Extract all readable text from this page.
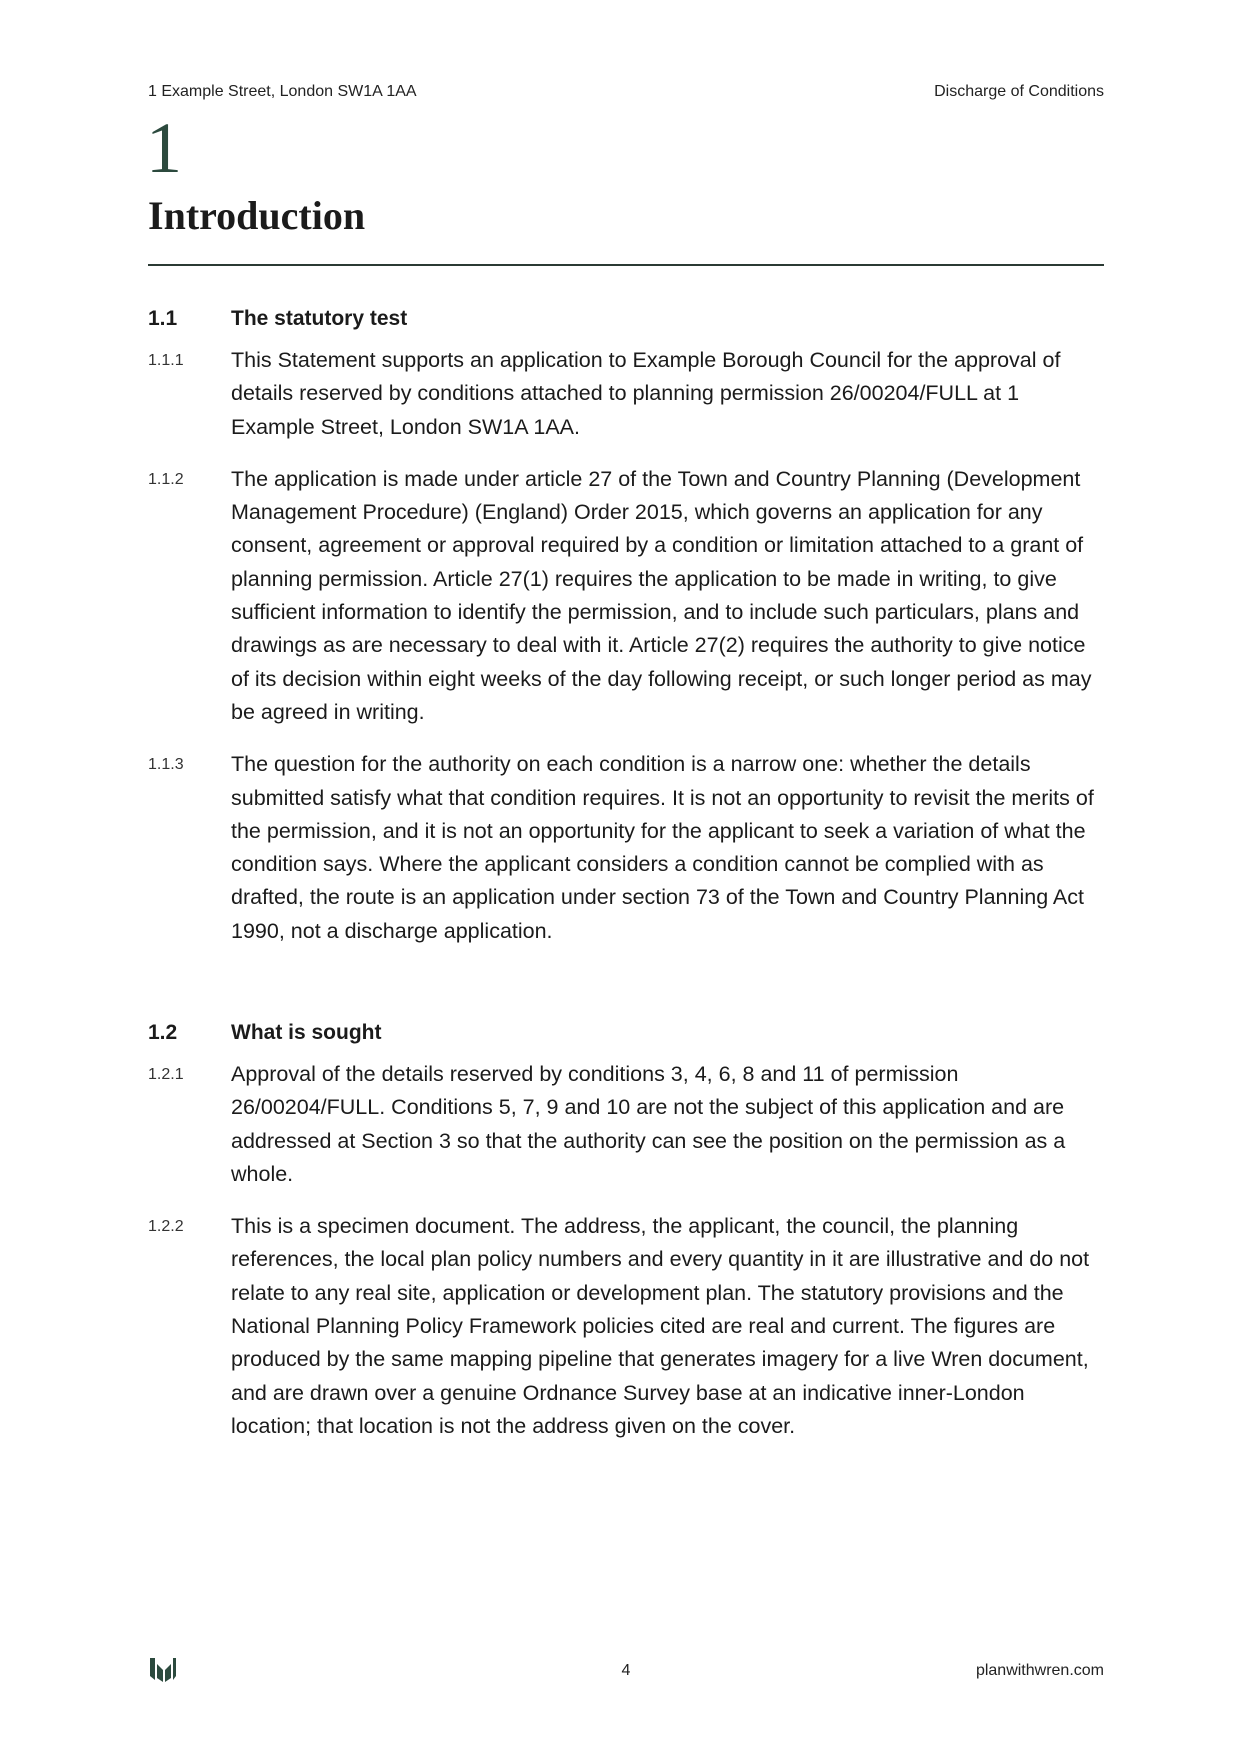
1 Example Street, London SW1A 1AA	Discharge of Conditions
1
Introduction
1.1	The statutory test
1.1.1	This Statement supports an application to Example Borough Council for the approval of details reserved by conditions attached to planning permission 26/00204/FULL at 1 Example Street, London SW1A 1AA.
1.1.2	The application is made under article 27 of the Town and Country Planning (Development Management Procedure) (England) Order 2015, which governs an application for any consent, agreement or approval required by a condition or limitation attached to a grant of planning permission. Article 27(1) requires the application to be made in writing, to give sufficient information to identify the permission, and to include such particulars, plans and drawings as are necessary to deal with it. Article 27(2) requires the authority to give notice of its decision within eight weeks of the day following receipt, or such longer period as may be agreed in writing.
1.1.3	The question for the authority on each condition is a narrow one: whether the details submitted satisfy what that condition requires. It is not an opportunity to revisit the merits of the permission, and it is not an opportunity for the applicant to seek a variation of what the condition says. Where the applicant considers a condition cannot be complied with as drafted, the route is an application under section 73 of the Town and Country Planning Act 1990, not a discharge application.
1.2	What is sought
1.2.1	Approval of the details reserved by conditions 3, 4, 6, 8 and 11 of permission 26/00204/FULL. Conditions 5, 7, 9 and 10 are not the subject of this application and are addressed at Section 3 so that the authority can see the position on the permission as a whole.
1.2.2	This is a specimen document. The address, the applicant, the council, the planning references, the local plan policy numbers and every quantity in it are illustrative and do not relate to any real site, application or development plan. The statutory provisions and the National Planning Policy Framework policies cited are real and current. The figures are produced by the same mapping pipeline that generates imagery for a live Wren document, and are drawn over a genuine Ordnance Survey base at an indicative inner-London location; that location is not the address given on the cover.
4	planwithwren.com
